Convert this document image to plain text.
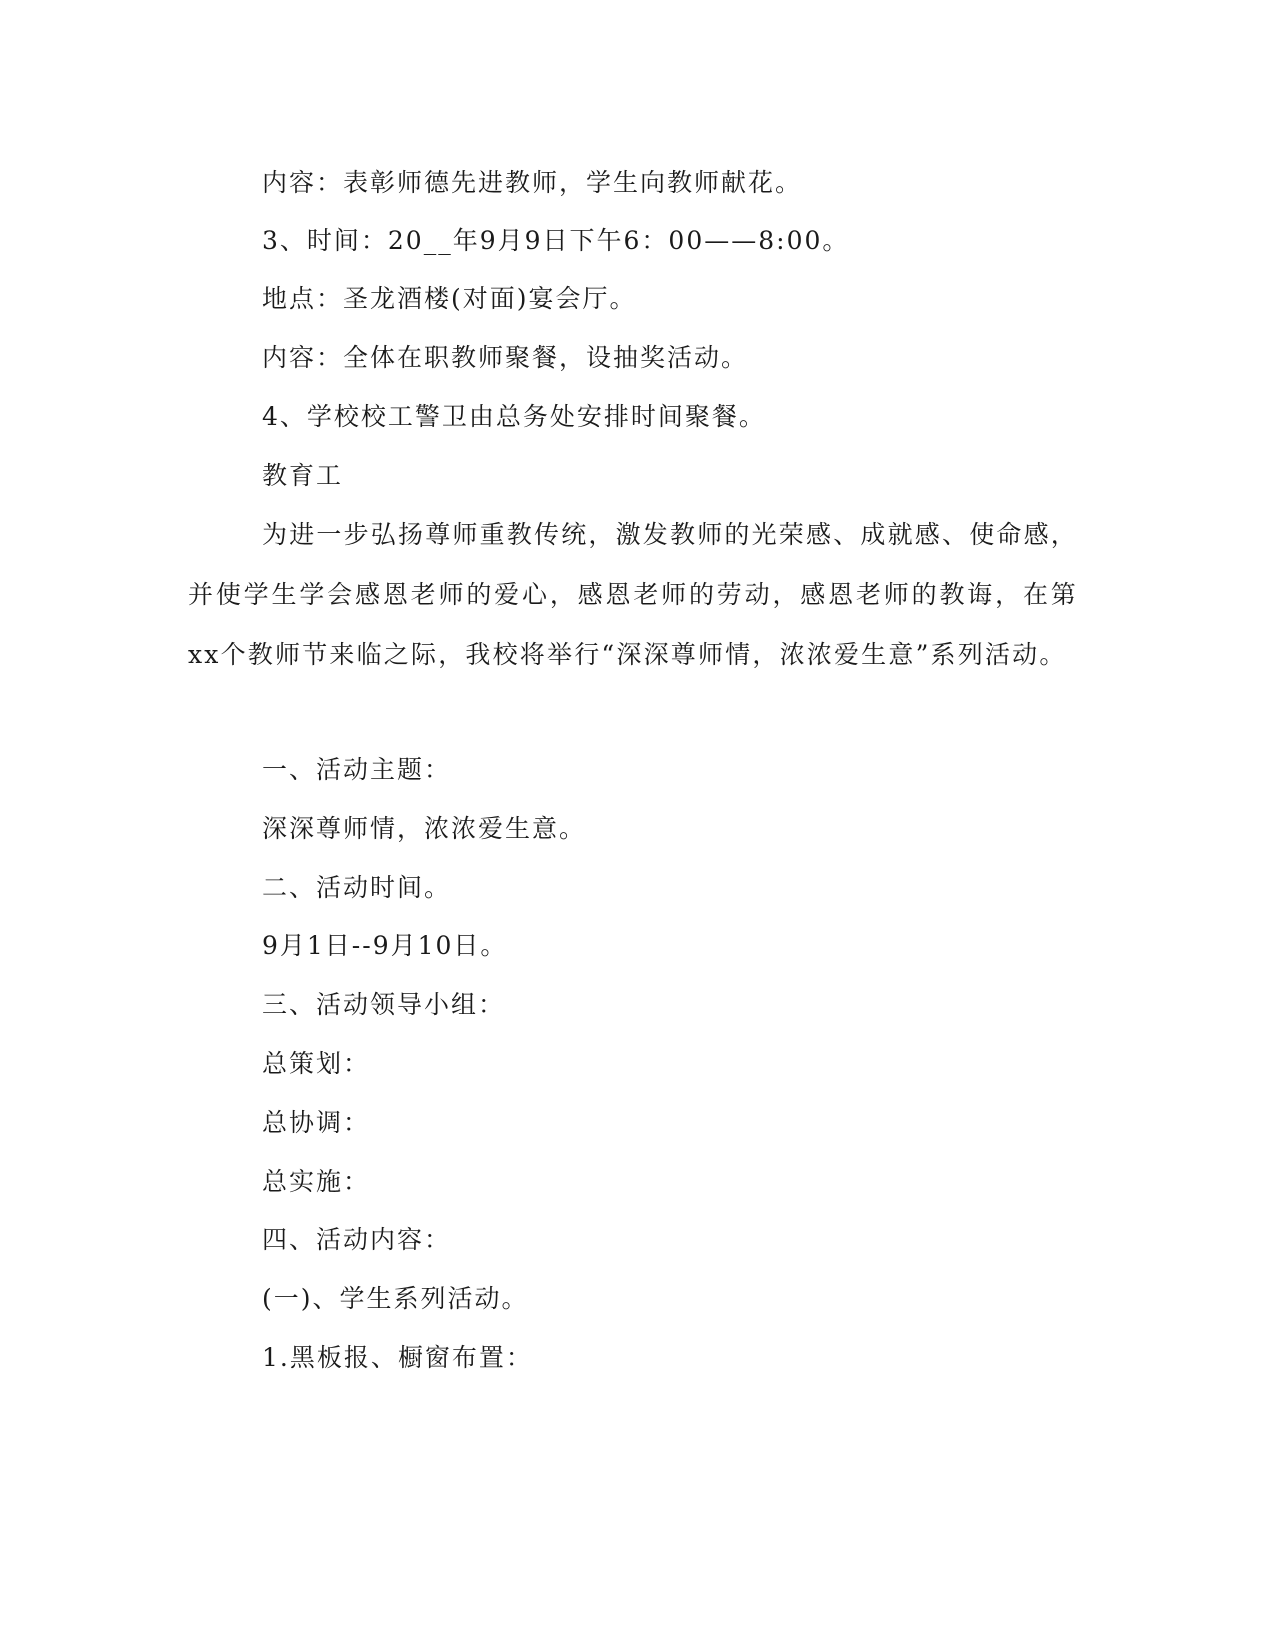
内容：表彰师德先进教师，学生向教师献花。
3、时间：20__年9月9日下午6：00——8:00。
地点：圣龙酒楼(对面)宴会厅。
内容：全体在职教师聚餐，设抽奖活动。
4、学校校工警卫由总务处安排时间聚餐。
教育工
为进一步弘扬尊师重教传统，激发教师的光荣感、成就感、使命感，并使学生学会感恩老师的爱心，感恩老师的劳动，感恩老师的教诲，在第xx个教师节来临之际，我校将举行“深深尊师情，浓浓爱生意”系列活动。
一、活动主题：
深深尊师情，浓浓爱生意。
二、活动时间。
9月1日--9月10日。
三、活动领导小组：
总策划：
总协调：
总实施：
四、活动内容：
(一)、学生系列活动。
1.黑板报、橱窗布置：
